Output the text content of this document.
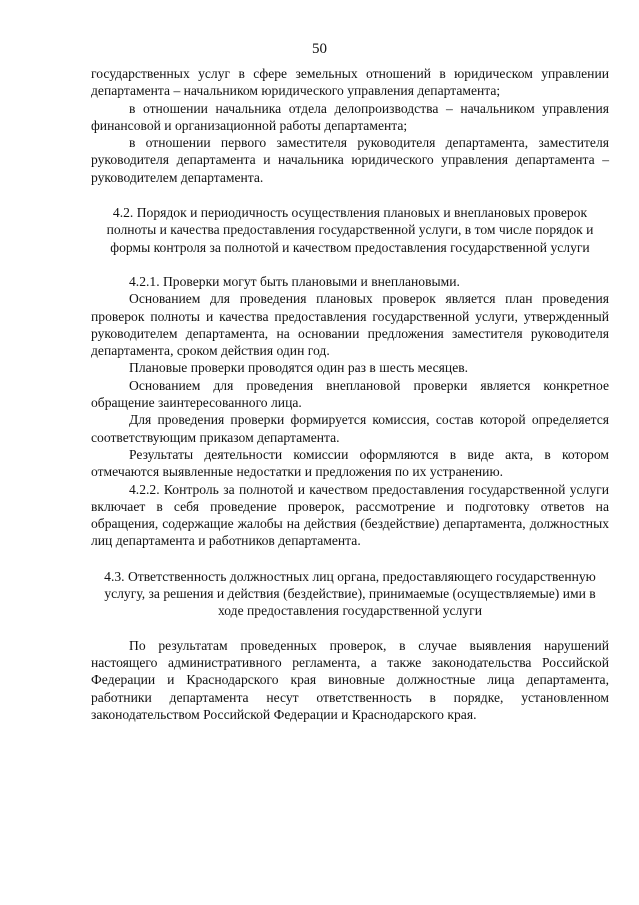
50

государственных услуг в сфере земельных отношений в юридическом управлении департамента – начальником юридического управления департамента;

в отношении начальника отдела делопроизводства – начальником управления финансовой и организационной работы департамента;

в отношении первого заместителя руководителя департамента, заместителя руководителя департамента и начальника юридического управления департамента – руководителем департамента.

4.2. Порядок и периодичность осуществления плановых и внеплановых проверок полноты и качества предоставления государственной услуги, в том числе порядок и формы контроля за полнотой и качеством предоставления государственной услуги

4.2.1. Проверки могут быть плановыми и внеплановыми.

Основанием для проведения плановых проверок является план проведения проверок полноты и качества предоставления государственной услуги, утвержденный руководителем департамента, на основании предложения заместителя руководителя департамента, сроком действия один год.

Плановые проверки проводятся один раз в шесть месяцев.

Основанием для проведения внеплановой проверки является конкретное обращение заинтересованного лица.

Для проведения проверки формируется комиссия, состав которой определяется соответствующим приказом департамента.

Результаты деятельности комиссии оформляются в виде акта, в котором отмечаются выявленные недостатки и предложения по их устранению.

4.2.2. Контроль за полнотой и качеством предоставления государственной услуги включает в себя проведение проверок, рассмотрение и подготовку ответов на обращения, содержащие жалобы на действия (бездействие) департамента, должностных лиц департамента и работников департамента.

4.3. Ответственность должностных лиц органа, предоставляющего государственную услугу, за решения и действия (бездействие), принимаемые (осуществляемые) ими в ходе предоставления государственной услуги

По результатам проведенных проверок, в случае выявления нарушений настоящего административного регламента, а также законодательства Российской Федерации и Краснодарского края виновные должностные лица департамента, работники департамента несут ответственность в порядке, установленном законодательством Российской Федерации и Краснодарского края.
